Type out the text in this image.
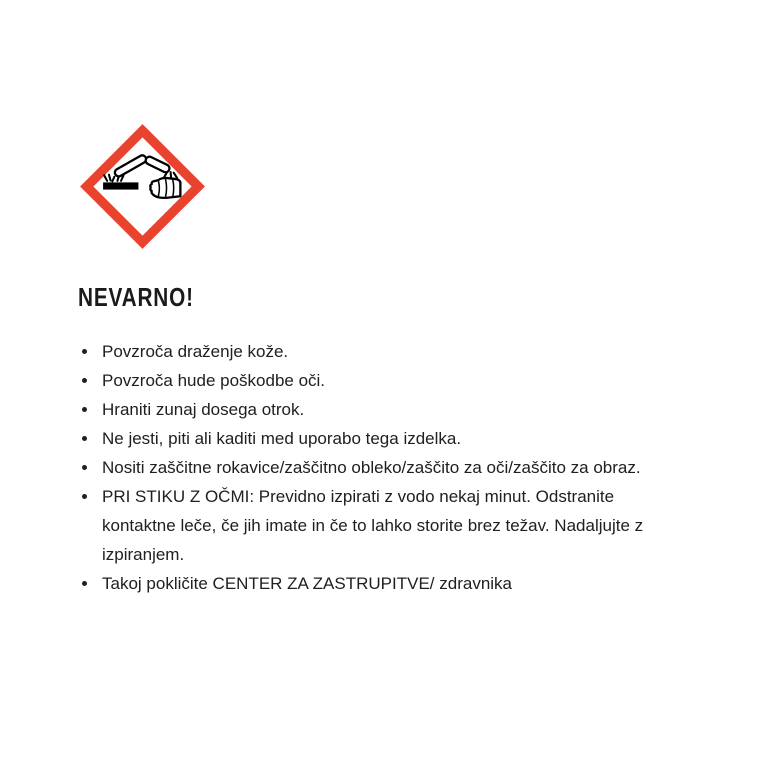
NEVARNO!
• Povzroča draženje kože.
• Povzroča hude poškodbe oči.
• Hraniti zunaj dosega otrok.
• Ne jesti, piti ali kaditi med uporabo tega izdelka.
• Nositi zaščitne rokavice/zaščitno obleko/zaščito za oči/zaščito za obraz.
• PRI STIKU Z OČMI: Previdno izpirati z vodo nekaj minut. Odstranite kontaktne leče, če jih imate in če to lahko storite brez težav. Nadaljujte z izpiranjem.
• Takoj pokličite CENTER ZA ZASTRUPITVE/ zdravnika
